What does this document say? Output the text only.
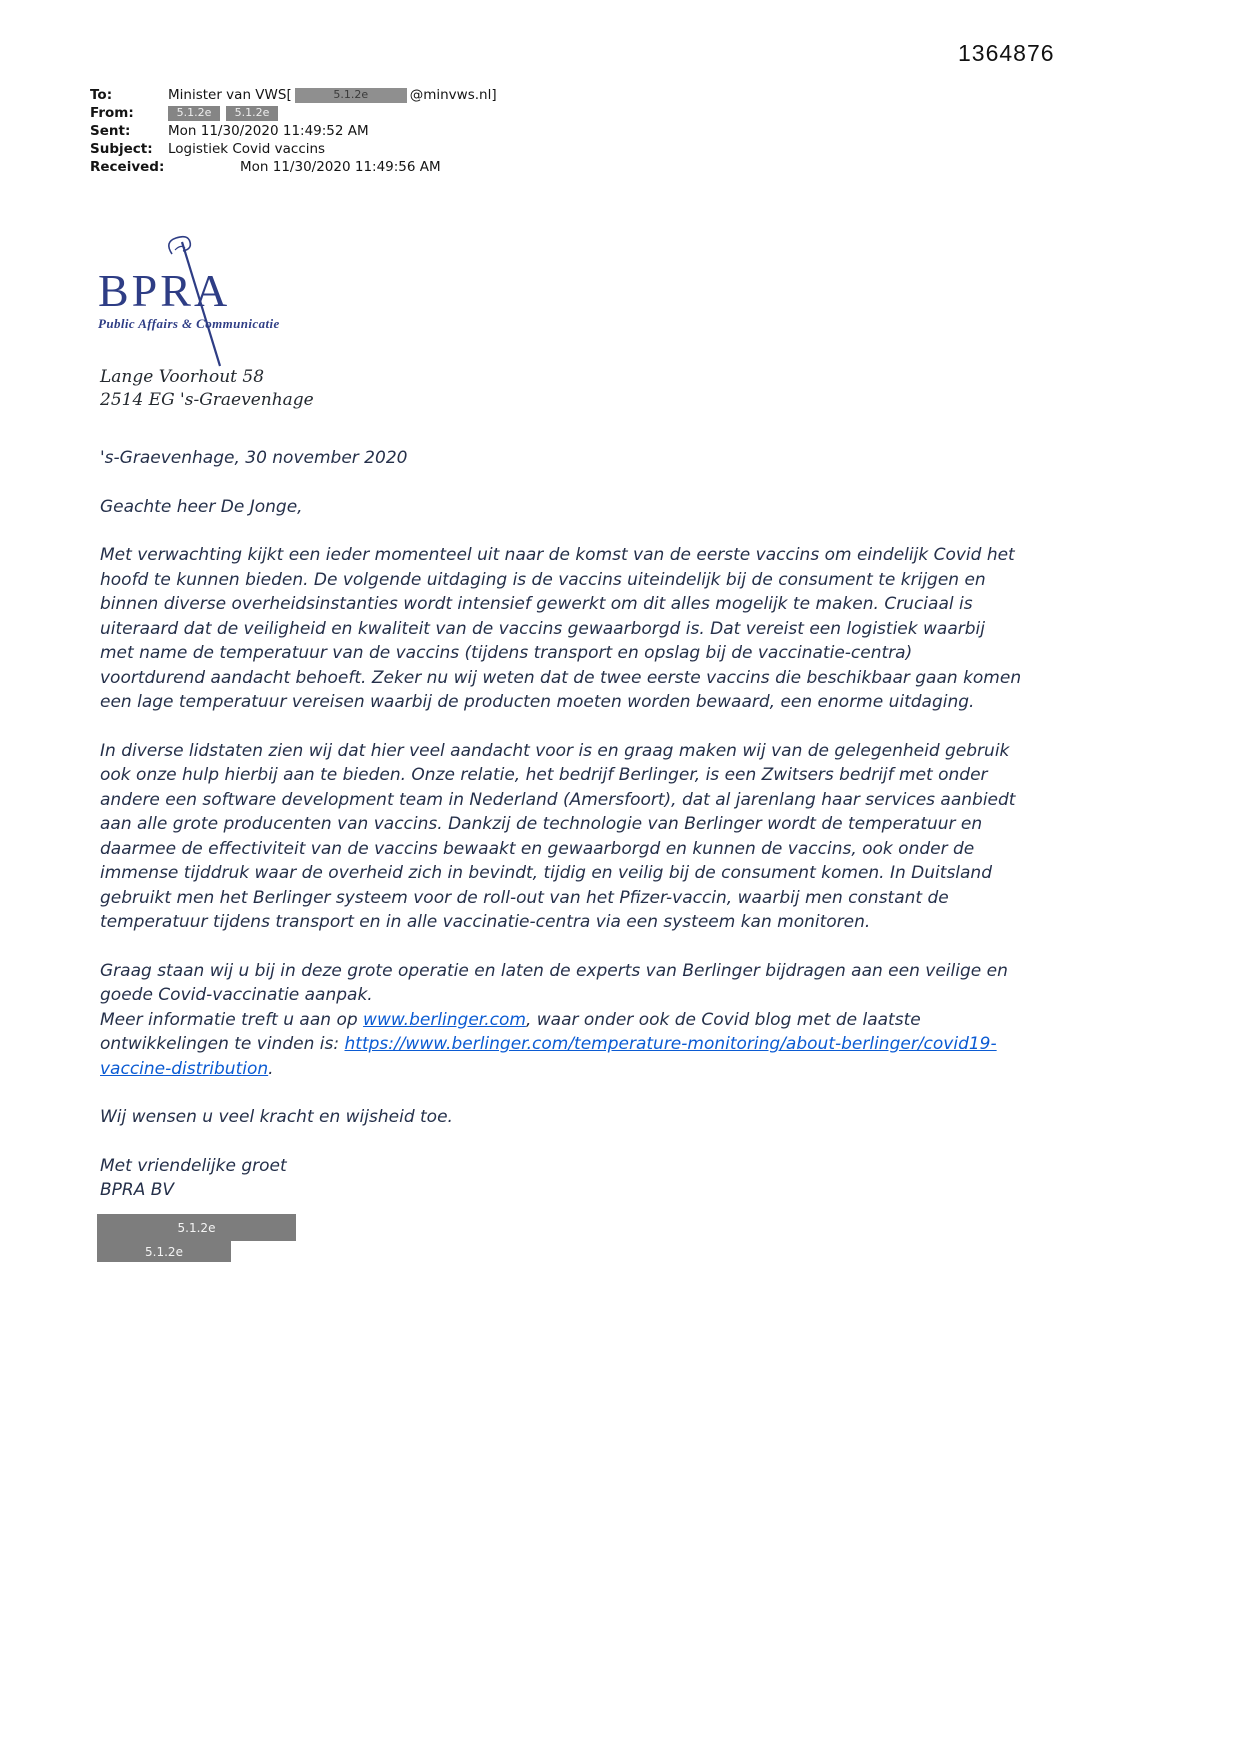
1364876
To:	Minister van VWS[	5.1.2e	@minvws.nl]
From:	5.1.2e	5.1.2e
Sent:	Mon 11/30/2020 11:49:52 AM
Subject:	Logistiek Covid vaccins
Received:	Mon 11/30/2020 11:49:56 AM
BPRA
Public Affairs & Communicatie
Lange Voorhout 58
2514 EG 's-Graevenhage

's-Graevenhage, 30 november 2020

Geachte heer De Jonge,

Met verwachting kijkt een ieder momenteel uit naar de komst van de eerste vaccins om eindelijk Covid het hoofd te kunnen bieden. De volgende uitdaging is de vaccins uiteindelijk bij de consument te krijgen en binnen diverse overheidsinstanties wordt intensief gewerkt om dit alles mogelijk te maken. Cruciaal is uiteraard dat de veiligheid en kwaliteit van de vaccins gewaarborgd is. Dat vereist een logistiek waarbij met name de temperatuur van de vaccins (tijdens transport en opslag bij de vaccinatie-centra) voortdurend aandacht behoeft. Zeker nu wij weten dat de twee eerste vaccins die beschikbaar gaan komen een lage temperatuur vereisen waarbij de producten moeten worden bewaard, een enorme uitdaging.

In diverse lidstaten zien wij dat hier veel aandacht voor is en graag maken wij van de gelegenheid gebruik ook onze hulp hierbij aan te bieden. Onze relatie, het bedrijf Berlinger, is een Zwitsers bedrijf met onder andere een software development team in Nederland (Amersfoort), dat al jarenlang haar services aanbiedt aan alle grote producenten van vaccins. Dankzij de technologie van Berlinger wordt de temperatuur en daarmee de effectiviteit van de vaccins bewaakt en gewaarborgd en kunnen de vaccins, ook onder de immense tijddruk waar de overheid zich in bevindt, tijdig en veilig bij de consument komen. In Duitsland gebruikt men het Berlinger systeem voor de roll-out van het Pfizer-vaccin, waarbij men constant de temperatuur tijdens transport en in alle vaccinatie-centra via een systeem kan monitoren.

Graag staan wij u bij in deze grote operatie en laten de experts van Berlinger bijdragen aan een veilige en goede Covid-vaccinatie aanpak.
Meer informatie treft u aan op www.berlinger.com, waar onder ook de Covid blog met de laatste ontwikkelingen te vinden is: https://www.berlinger.com/temperature-monitoring/about-berlinger/covid19-vaccine-distribution.

Wij wensen u veel kracht en wijsheid toe.

Met vriendelijke groet
BPRA BV

5.1.2e
5.1.2e
